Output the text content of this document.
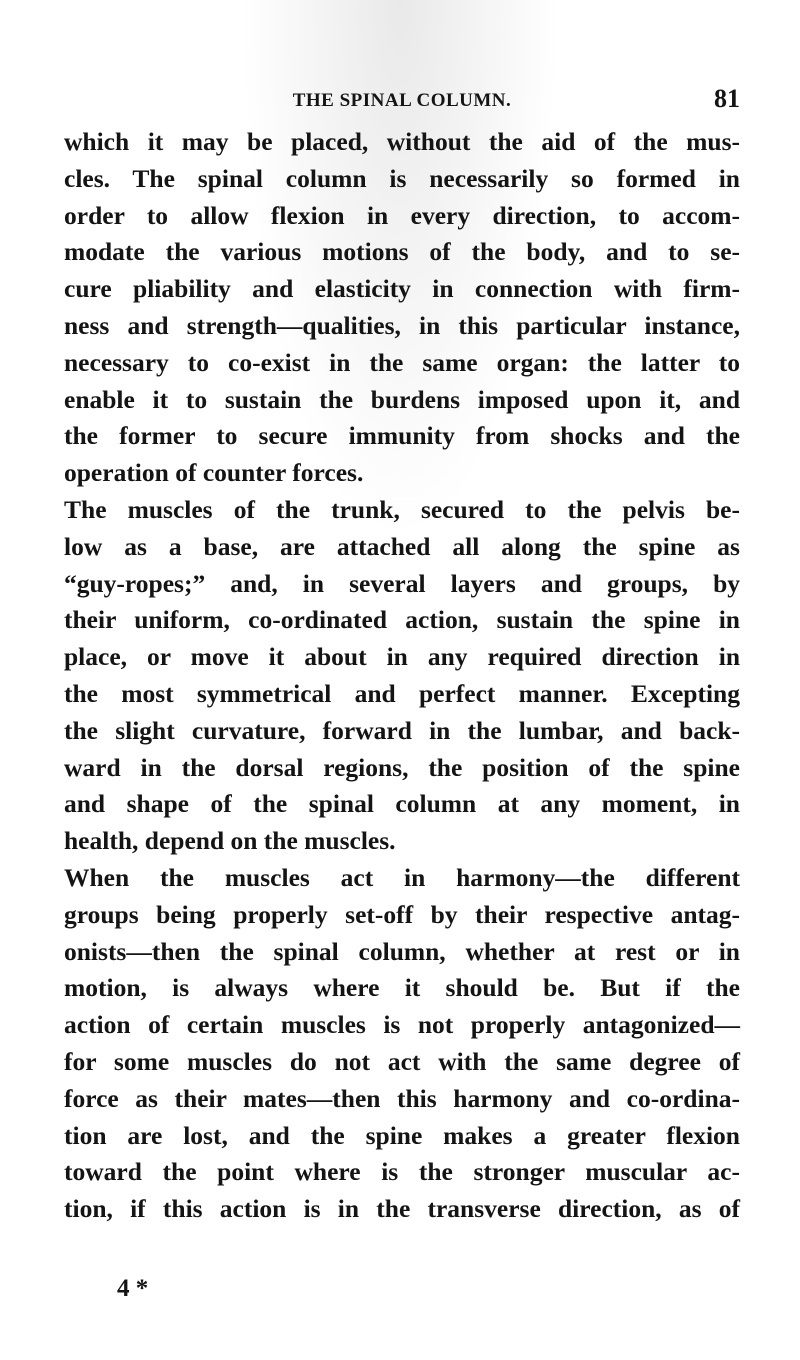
THE SPINAL COLUMN.	81
which it may be placed, without the aid of the mus-
cles. The spinal column is necessarily so formed in
order to allow flexion in every direction, to accom-
modate the various motions of the body, and to se-
cure pliability and elasticity in connection with firm-
ness and strength—qualities, in this particular instance,
necessary to co-exist in the same organ: the latter to
enable it to sustain the burdens imposed upon it, and
the former to secure immunity from shocks and the
operation of counter forces.
The muscles of the trunk, secured to the pelvis be-
low as a base, are attached all along the spine as
“guy-ropes;” and, in several layers and groups, by
their uniform, co-ordinated action, sustain the spine in
place, or move it about in any required direction in
the most symmetrical and perfect manner. Excepting
the slight curvature, forward in the lumbar, and back-
ward in the dorsal regions, the position of the spine
and shape of the spinal column at any moment, in
health, depend on the muscles.
When the muscles act in harmony—the different
groups being properly set-off by their respective antag-
onists—then the spinal column, whether at rest or in
motion, is always where it should be. But if the
action of certain muscles is not properly antagonized—
for some muscles do not act with the same degree of
force as their mates—then this harmony and co-ordina-
tion are lost, and the spine makes a greater flexion
toward the point where is the stronger muscular ac-
tion, if this action is in the transverse direction, as of
4 *
